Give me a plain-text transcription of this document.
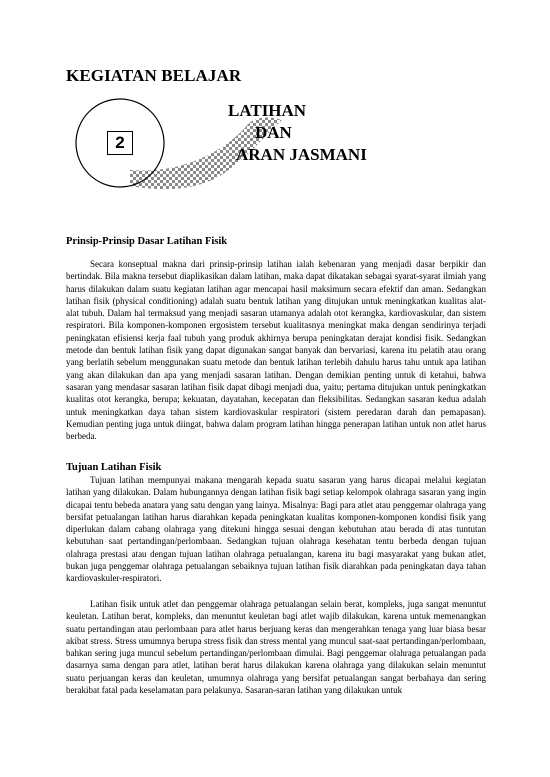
KEGIATAN BELAJAR
2
LATIHAN
DAN
ARAN JASMANI
Prinsip-Prinsip Dasar Latihan Fisik

Secara konseptual makna dari prinsip-prinsip latihan ialah kebenaran yang menjadi dasar berpikir dan bertindak. Bila makna tersebut diaplikasikan dalam latihan, maka dapat dikatakan sebagai syarat-syarat ilmiah yang harus dilakukan dalam suatu kegiatan latihan agar mencapai hasil maksimum secara efektif dan aman. Sedangkan latihan fisik (physical conditioning) adalah suatu bentuk latihan yang ditujukan untuk meningkatkan kualitas alat-alat tubuh. Dalam hal termaksud yang menjadi sasaran utamanya adalah otot kerangka, kardiovaskular, dan sistem respiratori. Bila komponen-komponen ergosistem tersebut kualitasnya meningkat maka dengan sendirinya terjadi peningkatan efisiensi kerja faal tubuh yang produk akhirnya berupa peningkatan derajat kondisi fisik. Sedangkan metode dan bentuk latihan fisik yang dapat digunakan sangat banyak dan bervariasi, karena itu pelatih atau orang yang berlatih sebelum menggunakan suatu metode dan bentuk latihan terlebih dahulu harus tahu untuk apa latihan yang akan dilakukan dan apa yang menjadi sasaran latihan. Dengan demikian penting untuk di ketahui, bahwa sasaran yang mendasar sasaran latihan fisik dapat dibagi menjadi dua, yaitu; pertama ditujukan untuk peningkatkan kualitas otot kerangka, berupa; kekuatan, dayatahan, kecepatan dan fleksibilitas. Sedangkan sasaran kedua adalah untuk meningkatkan daya tahan sistem kardiovaskular respiratori (sistem peredaran darah dan pemapasan). Kemudian penting juga untuk diingat, bahwa dalam program latihan hingga penerapan latihan untuk non atlet harus berbeda.

Tujuan Latihan Fisik

Tujuan latihan mempunyai makana mengarah kepada suatu sasaran yang harus dicapai melalui kegiatan latihan yang dilakukan. Dalam hubungannya dengan latihan fisik bagi setiap kelompok olahraga sasaran yang ingin dicapai tentu bebeda anatara yang satu dengan yang lainya. Misalnya: Bagi para atlet atau penggemar olahraga yang bersifat petualangan latihan harus diarahkan kepada peningkatan kualitas komponen-komponen kondisi fisik yang diperlukan dalam cabang olahraga yang ditekuni hingga sesuai dengan kebutuhan atau berada di atas tuntutan kebutuhan saat pertandingan/perlombaan. Sedangkan tujuan olahraga kesehatan tentu berbeda dengan tujuan olahraga prestasi atau dengan tujuan latihan olahraga petualangan, karena itu bagi masyarakat yang bukan atlet, bukan juga penggemar olahraga petualangan sebaiknya tujuan latihan fisik diarahkan pada peningkatan daya tahan kardiovaskuler-respiratori.

Latihan fisik untuk atlet dan penggemar olahraga petualangan selain berat, kompleks, juga sangat menuntut keuletan. Latihan berat, kompleks, dan menuntut keuletan bagi atlet wajib dilakukan, karena untuk memenangkan suatu pertandingan atau perlombaan para atlet harus berjuang keras dan mengerahkan tenaga yang luar biasa besar akibat stress. Stress umumnya berupa stress fisik dan stress mental yang muncul saat-saat pertandingan/perlombaan, bahkan sering juga muncul sebelum pertandingan/perlombaan dimulai. Bagi penggemar olahraga petualangan pada dasarnya sama dengan para atlet, latihan berat harus dilakukan karena olahraga yang dilakukan selain menuntut suatu perjuangan keras dan keuletan, umumnya olahraga yang bersifat petualangan sangat berbahaya dan sering berakibat fatal pada keselamatan para pelakunya. Sasaran-saran latihan yang dilakukan untuk
